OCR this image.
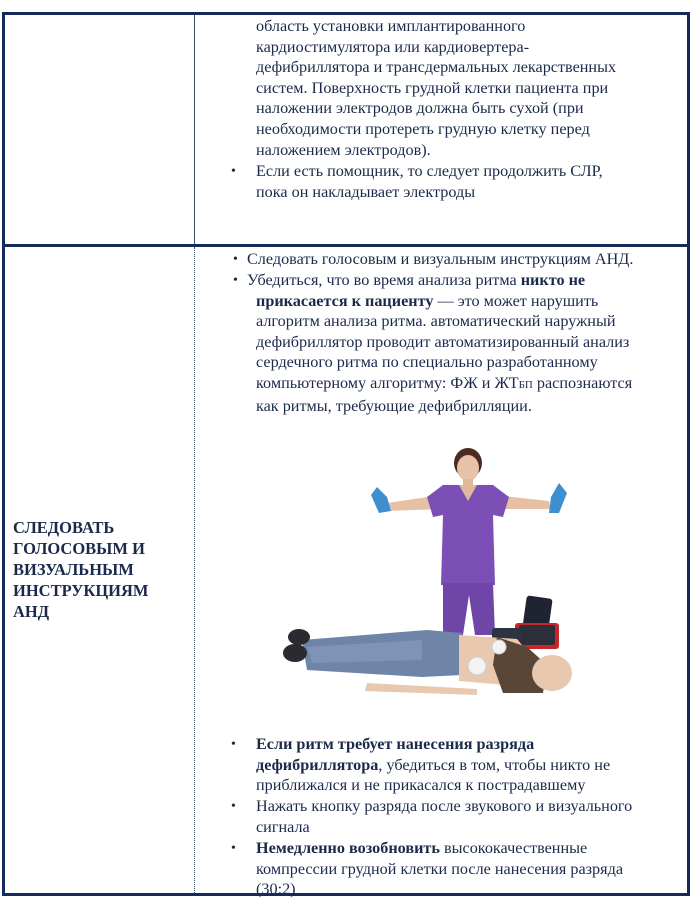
область установки имплантированного
кардиостимулятора или кардиовертера-
дефибриллятора и трансдермальных лекарственных
систем. Поверхность грудной клетки пациента при
наложении электродов должна быть сухой (при
необходимости протереть грудную клетку перед
наложением электродов).
• Если есть помощник, то следует продолжить СЛР,
пока он накладывает электроды
СЛЕДОВАТЬ
ГОЛОСОВЫМ И
ВИЗУАЛЬНЫМ
ИНСТРУКЦИЯМ
АНД
• Следовать голосовым и визуальным инструкциям АНД.
• Убедиться, что во время анализа ритма никто не
прикасается к пациенту — это может нарушить
алгоритм анализа ритма. автоматический наружный
дефибриллятор проводит автоматизированный анализ
сердечного ритма по специально разработанному
компьютерному алгоритму: ФЖ и ЖТБП распознаются
как ритмы, требующие дефибрилляции.
• Если ритм требует нанесения разряда
дефибриллятора, убедиться в том, чтобы никто не
приближался и не прикасался к пострадавшему
• Нажать кнопку разряда после звукового и визуального
сигнала
• Немедленно возобновить высококачественные
компрессии грудной клетки после нанесения разряда
(30:2)
